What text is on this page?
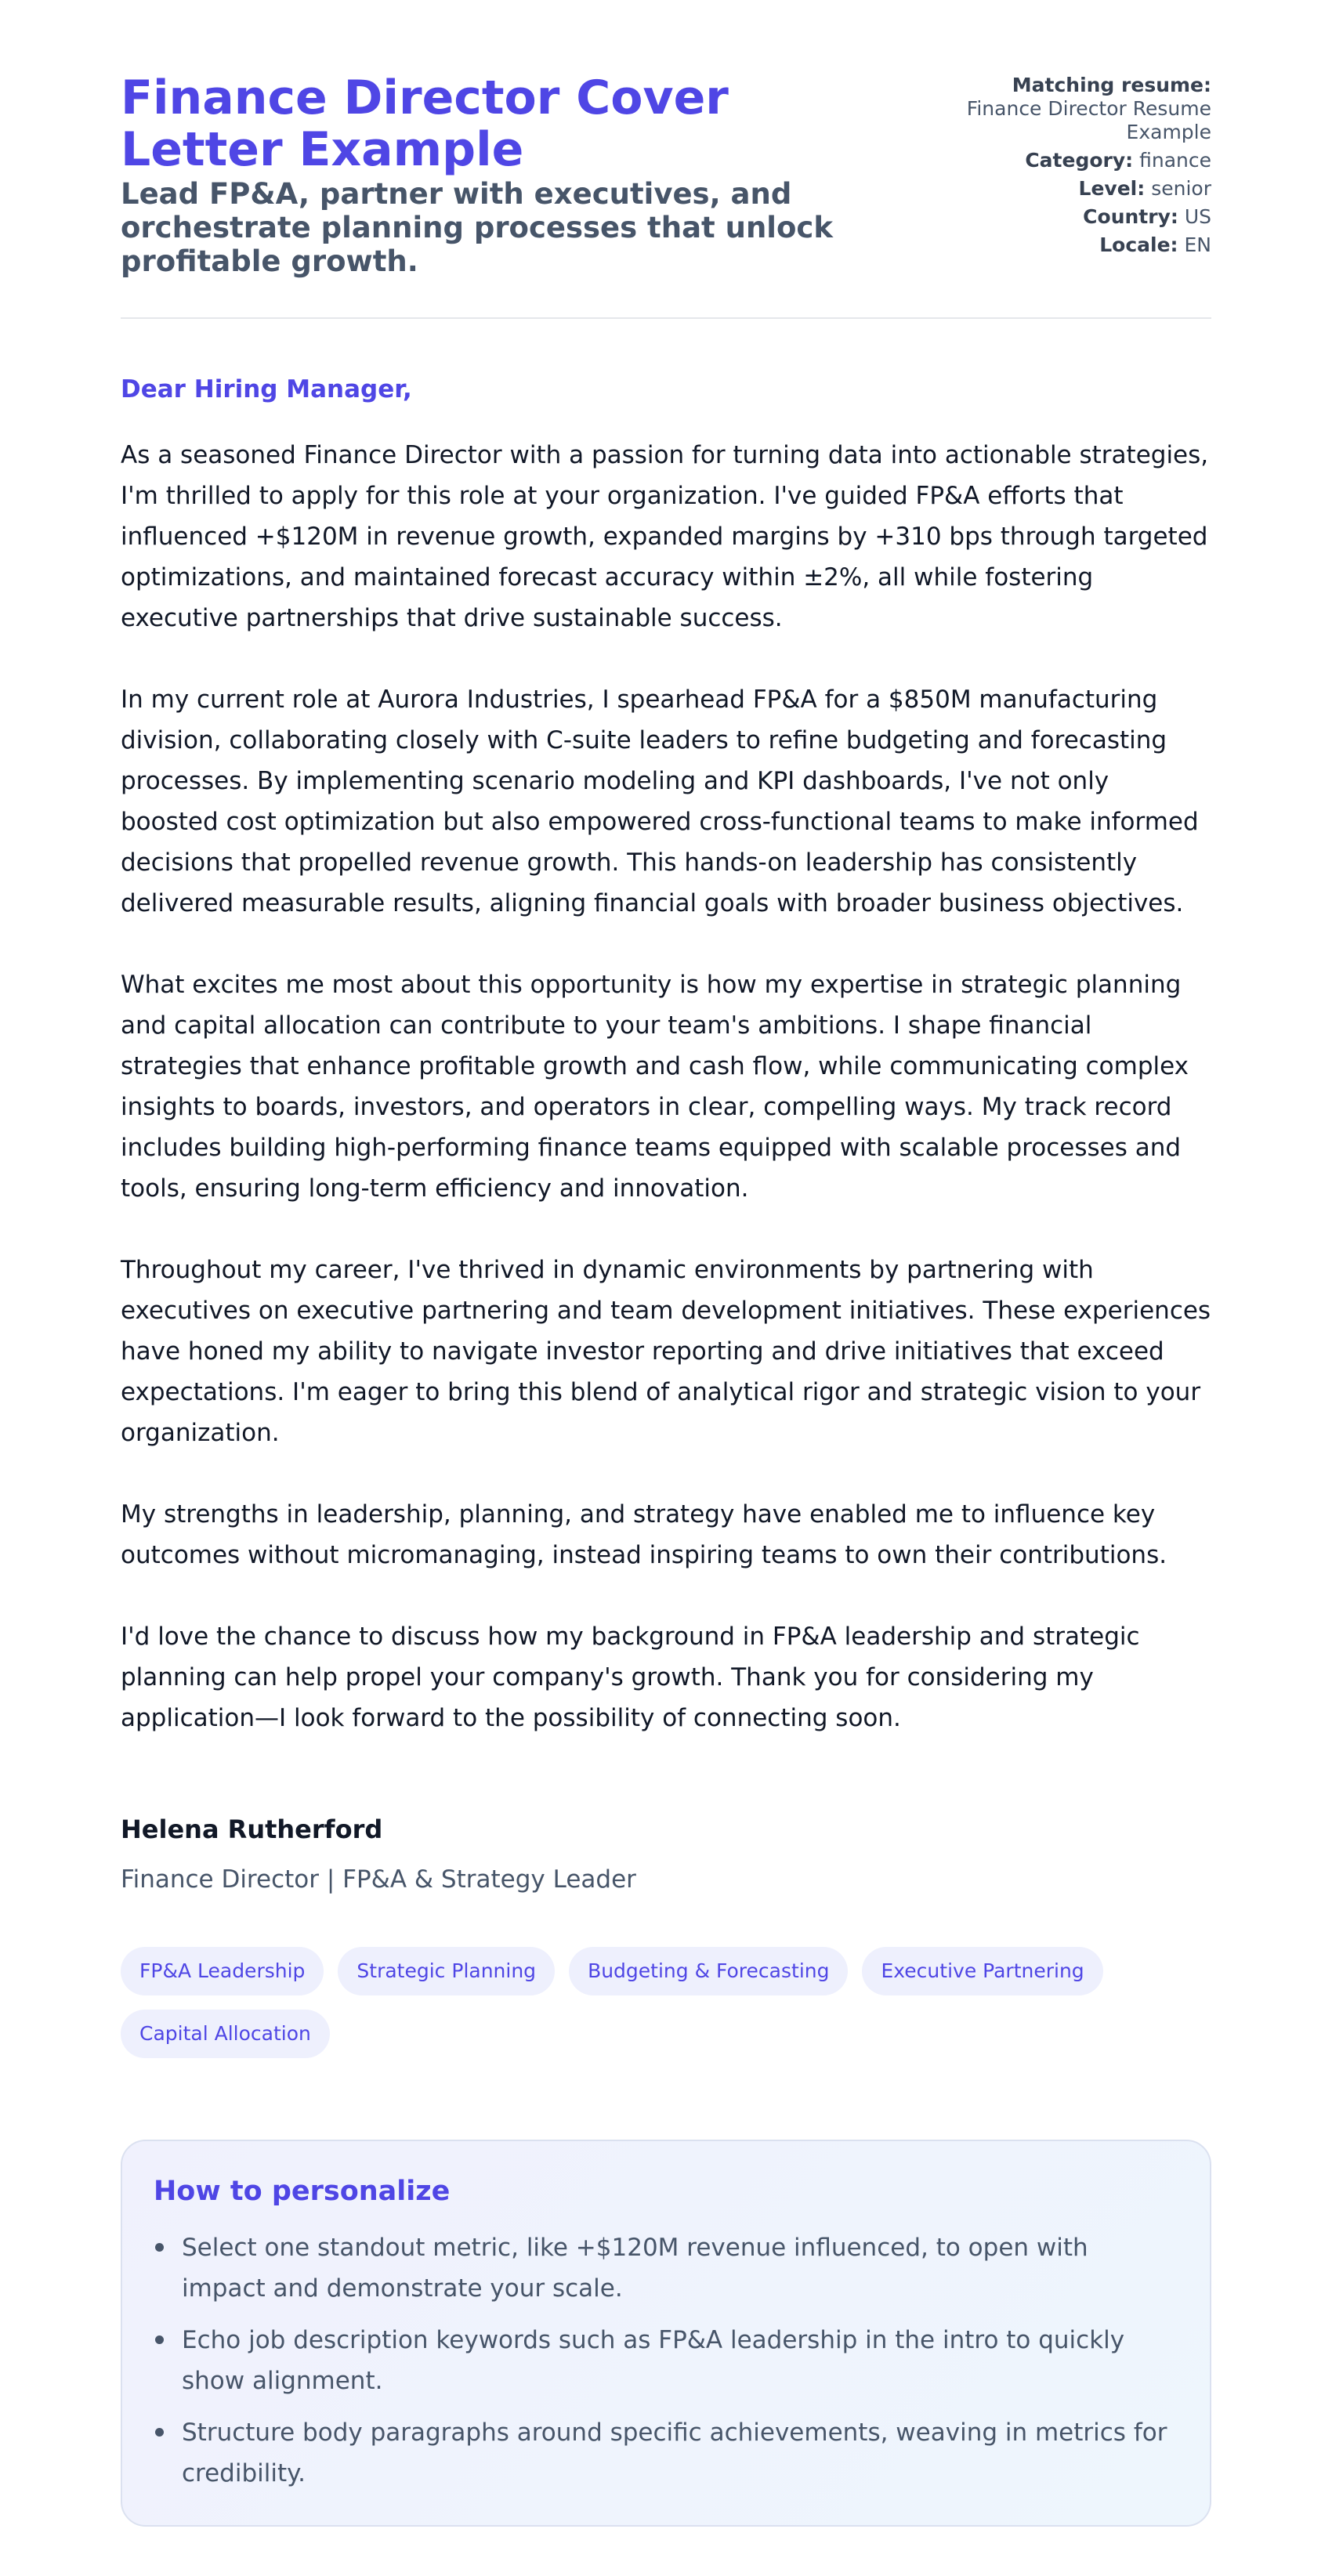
Finance Director Cover Letter Example
Lead FP&A, partner with executives, and orchestrate planning processes that unlock profitable growth.
Matching resume:
Finance Director Resume Example
Category: finance
Level: senior
Country: US
Locale: EN

Dear Hiring Manager,

As a seasoned Finance Director with a passion for turning data into actionable strategies, I'm thrilled to apply for this role at your organization. I've guided FP&A efforts that influenced +$120M in revenue growth, expanded margins by +310 bps through targeted optimizations, and maintained forecast accuracy within ±2%, all while fostering executive partnerships that drive sustainable success.

In my current role at Aurora Industries, I spearhead FP&A for a $850M manufacturing division, collaborating closely with C-suite leaders to refine budgeting and forecasting processes. By implementing scenario modeling and KPI dashboards, I've not only boosted cost optimization but also empowered cross-functional teams to make informed decisions that propelled revenue growth. This hands-on leadership has consistently delivered measurable results, aligning financial goals with broader business objectives.

What excites me most about this opportunity is how my expertise in strategic planning and capital allocation can contribute to your team's ambitions. I shape financial strategies that enhance profitable growth and cash flow, while communicating complex insights to boards, investors, and operators in clear, compelling ways. My track record includes building high-performing finance teams equipped with scalable processes and tools, ensuring long-term efficiency and innovation.

Throughout my career, I've thrived in dynamic environments by partnering with executives on executive partnering and team development initiatives. These experiences have honed my ability to navigate investor reporting and drive initiatives that exceed expectations. I'm eager to bring this blend of analytical rigor and strategic vision to your organization.

My strengths in leadership, planning, and strategy have enabled me to influence key outcomes without micromanaging, instead inspiring teams to own their contributions.

I'd love the chance to discuss how my background in FP&A leadership and strategic planning can help propel your company's growth. Thank you for considering my application—I look forward to the possibility of connecting soon.

Helena Rutherford
Finance Director | FP&A & Strategy Leader
FP&A Leadership	Strategic Planning	Budgeting & Forecasting	Executive Partnering
Capital Allocation
How to personalize
Select one standout metric, like +$120M revenue influenced, to open with impact and demonstrate your scale.
Echo job description keywords such as FP&A leadership in the intro to quickly show alignment.
Structure body paragraphs around specific achievements, weaving in metrics for credibility.
